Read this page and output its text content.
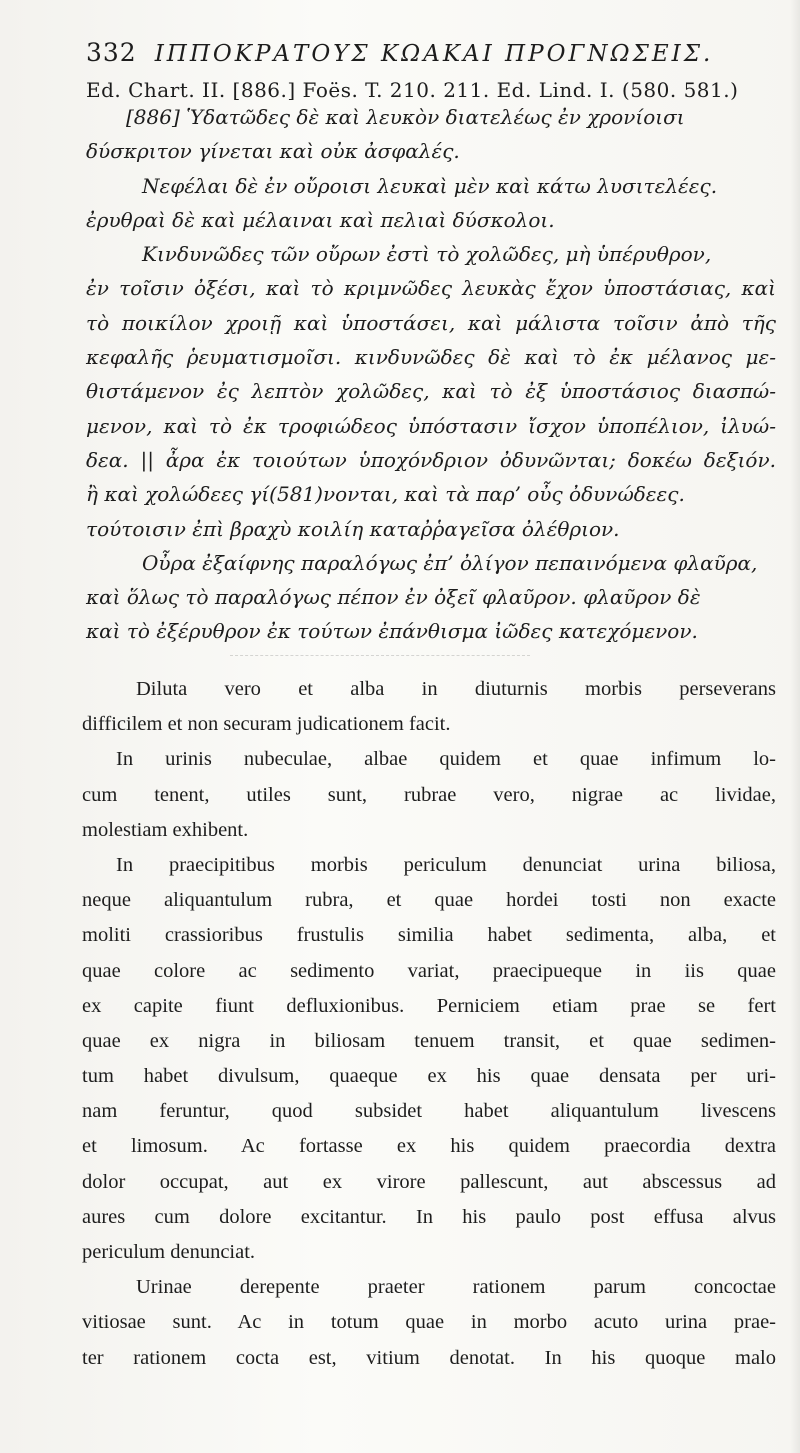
332 ΙΠΠΟΚΡΑΤΟΥΣ ΚΩΑΚΑΙ ΠΡΟΓΝΩΣΕΙΣ.
Ed. Chart. II. [886.] Foës. T. 210. 211. Ed. Lind. I. (580. 581.)
[886] Ὑδατῶδες δὲ καὶ λευκὸν διατελέως ἐν χρονίοισι
δύσκριτον γίνεται καὶ οὐκ ἀσφαλές.
Νεφέλαι δὲ ἐν οὔροισι λευκαὶ μὲν καὶ κάτω λυσιτελέες.
ἐρυθραὶ δὲ καὶ μέλαιναι καὶ πελιαὶ δύσκολοι.
Κινδυνῶδες τῶν οὔρων ἐστὶ τὸ χολῶδες, μὴ ὑπέρυθρον,
ἐν τοῖσιν ὀξέσι, καὶ τὸ κριμνῶδες λευκὰς ἔχον ὑποστάσιας, καὶ
τὸ ποικίλον χροιῇ καὶ ὑποστάσει, καὶ μάλιστα τοῖσιν ἀπὸ τῆς
κεφαλῆς ῥευματισμοῖσι. κινδυνῶδες δὲ καὶ τὸ ἐκ μέλανος με-
θιστάμενον ἐς λεπτὸν χολῶδες, καὶ τὸ ἐξ ὑποστάσιος διασπώ-
μενον, καὶ τὸ ἐκ τροφιώδεος ὑπόστασιν ἴσχον ὑποπέλιον, ἰλυώ-
δεα. || ἆρα ἐκ τοιούτων ὑποχόνδριον ὀδυνῶνται; δοκέω δεξιόν.
ἢ καὶ χολώδεες γί(581)νονται, καὶ τὰ παρ’ οὖς ὀδυνώδεες.
τούτοισιν ἐπὶ βραχὺ κοιλίη καταῤῥαγεῖσα ὀλέθριον.
Οὖρα ἐξαίφνης παραλόγως ἐπ’ ὀλίγον πεπαινόμενα φλαῦρα,
καὶ ὅλως τὸ παραλόγως πέπον ἐν ὀξεῖ φλαῦρον. φλαῦρον δὲ
καὶ τὸ ἐξέρυθρον ἐκ τούτων ἐπάνθισμα ἰῶδες κατεχόμενον.
Diluta vero et alba in diuturnis morbis perseverans
difficilem et non securam judicationem facit.
In urinis nubeculae, albae quidem et quae infimum lo-
cum tenent, utiles sunt, rubrae vero, nigrae ac lividae,
molestiam exhibent.
In praecipitibus morbis periculum denunciat urina biliosa,
neque aliquantulum rubra, et quae hordei tosti non exacte
moliti crassioribus frustulis similia habet sedimenta, alba, et
quae colore ac sedimento variat, praecipueque in iis quae
ex capite fiunt defluxionibus. Perniciem etiam prae se fert
quae ex nigra in biliosam tenuem transit, et quae sedimen-
tum habet divulsum, quaeque ex his quae densata per uri-
nam feruntur, quod subsidet habet aliquantulum livescens
et limosum. Ac fortasse ex his quidem praecordia dextra
dolor occupat, aut ex virore pallescunt, aut abscessus ad
aures cum dolore excitantur. In his paulo post effusa alvus
periculum denunciat.
Urinae derepente praeter rationem parum concoctae
vitiosae sunt. Ac in totum quae in morbo acuto urina prae-
ter rationem cocta est, vitium denotat. In his quoque malo
